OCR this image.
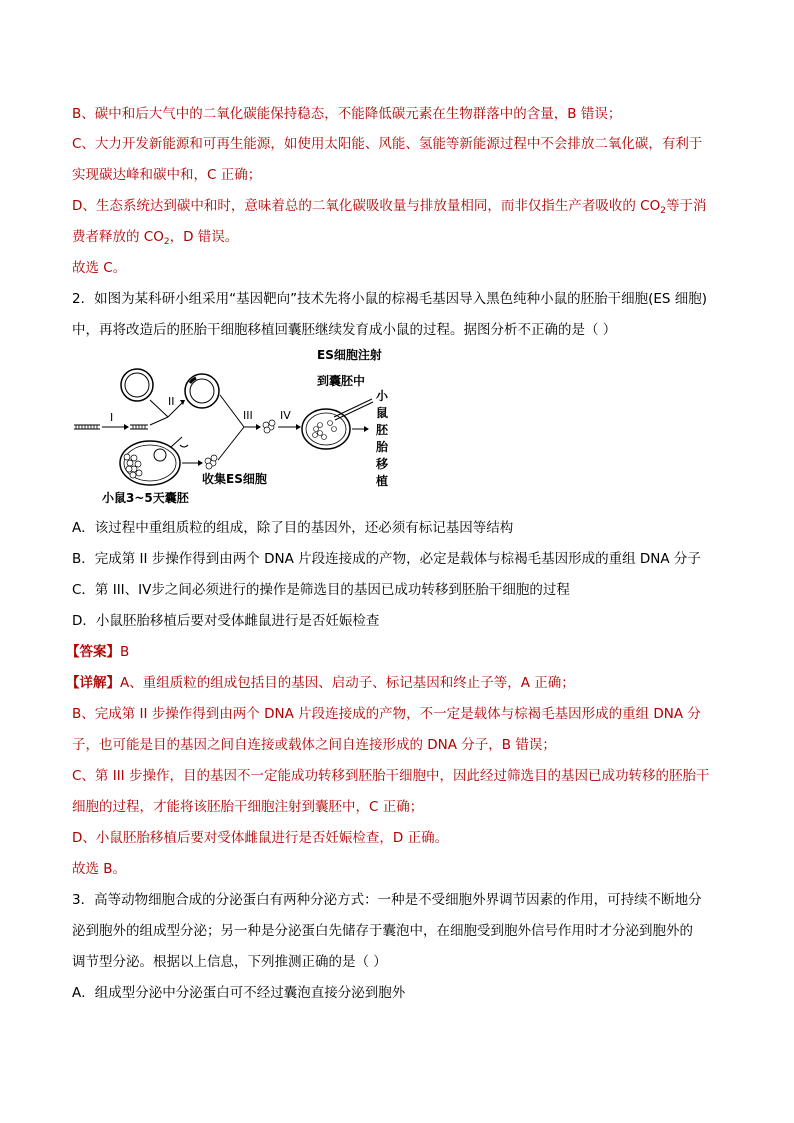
B、碳中和后大气中的二氧化碳能保持稳态，不能降低碳元素在生物群落中的含量，B 错误；
C、大力开发新能源和可再生能源，如使用太阳能、风能、氢能等新能源过程中不会排放二氧化碳，有利于
实现碳达峰和碳中和，C 正确；
D、生态系统达到碳中和时，意味着总的二氧化碳吸收量与排放量相同，而非仅指生产者吸收的 $CO_2$等于消
费者释放的 $CO_2$，D 错误。
故选 C。
2．如图为某科研小组采用“基因靶向”技术先将小鼠的棕褐毛基因导入黑色纯种小鼠的胚胎干细胞(ES 细胞)
中，再将改造后的胚胎干细胞移植回囊胚继续发育成小鼠的过程。据图分析不正确的是（ ）
I
II
收集ES细胞
小鼠3~5天囊胚
III IV
ES细胞注射
到囊胚中
小
鼠
胚
胎
移
植
A．该过程中重组质粒的组成，除了目的基因外，还必须有标记基因等结构
B．完成第 II 步操作得到由两个 DNA 片段连接成的产物，必定是载体与棕褐毛基因形成的重组 DNA 分子
C．第 III、IV步之间必须进行的操作是筛选目的基因已成功转移到胚胎干细胞的过程
D．小鼠胚胎移植后要对受体雌鼠进行是否妊娠检查
【答案】B
【详解】A、重组质粒的组成包括目的基因、启动子、标记基因和终止子等，A 正确；
B、完成第 II 步操作得到由两个 DNA 片段连接成的产物，不一定是载体与棕褐毛基因形成的重组 DNA 分
子，也可能是目的基因之间自连接或载体之间自连接形成的 DNA 分子，B 错误；
C、第 III 步操作，目的基因不一定能成功转移到胚胎干细胞中，因此经过筛选目的基因已成功转移的胚胎干
细胞的过程，才能将该胚胎干细胞注射到囊胚中，C 正确；
D、小鼠胚胎移植后要对受体雌鼠进行是否妊娠检查，D 正确。
故选 B。
3．高等动物细胞合成的分泌蛋白有两种分泌方式：一种是不受细胞外界调节因素的作用，可持续不断地分
泌到胞外的组成型分泌；另一种是分泌蛋白先储存于囊泡中，在细胞受到胞外信号作用时才分泌到胞外的
调节型分泌。根据以上信息，下列推测正确的是（ ）
A．组成型分泌中分泌蛋白可不经过囊泡直接分泌到胞外
